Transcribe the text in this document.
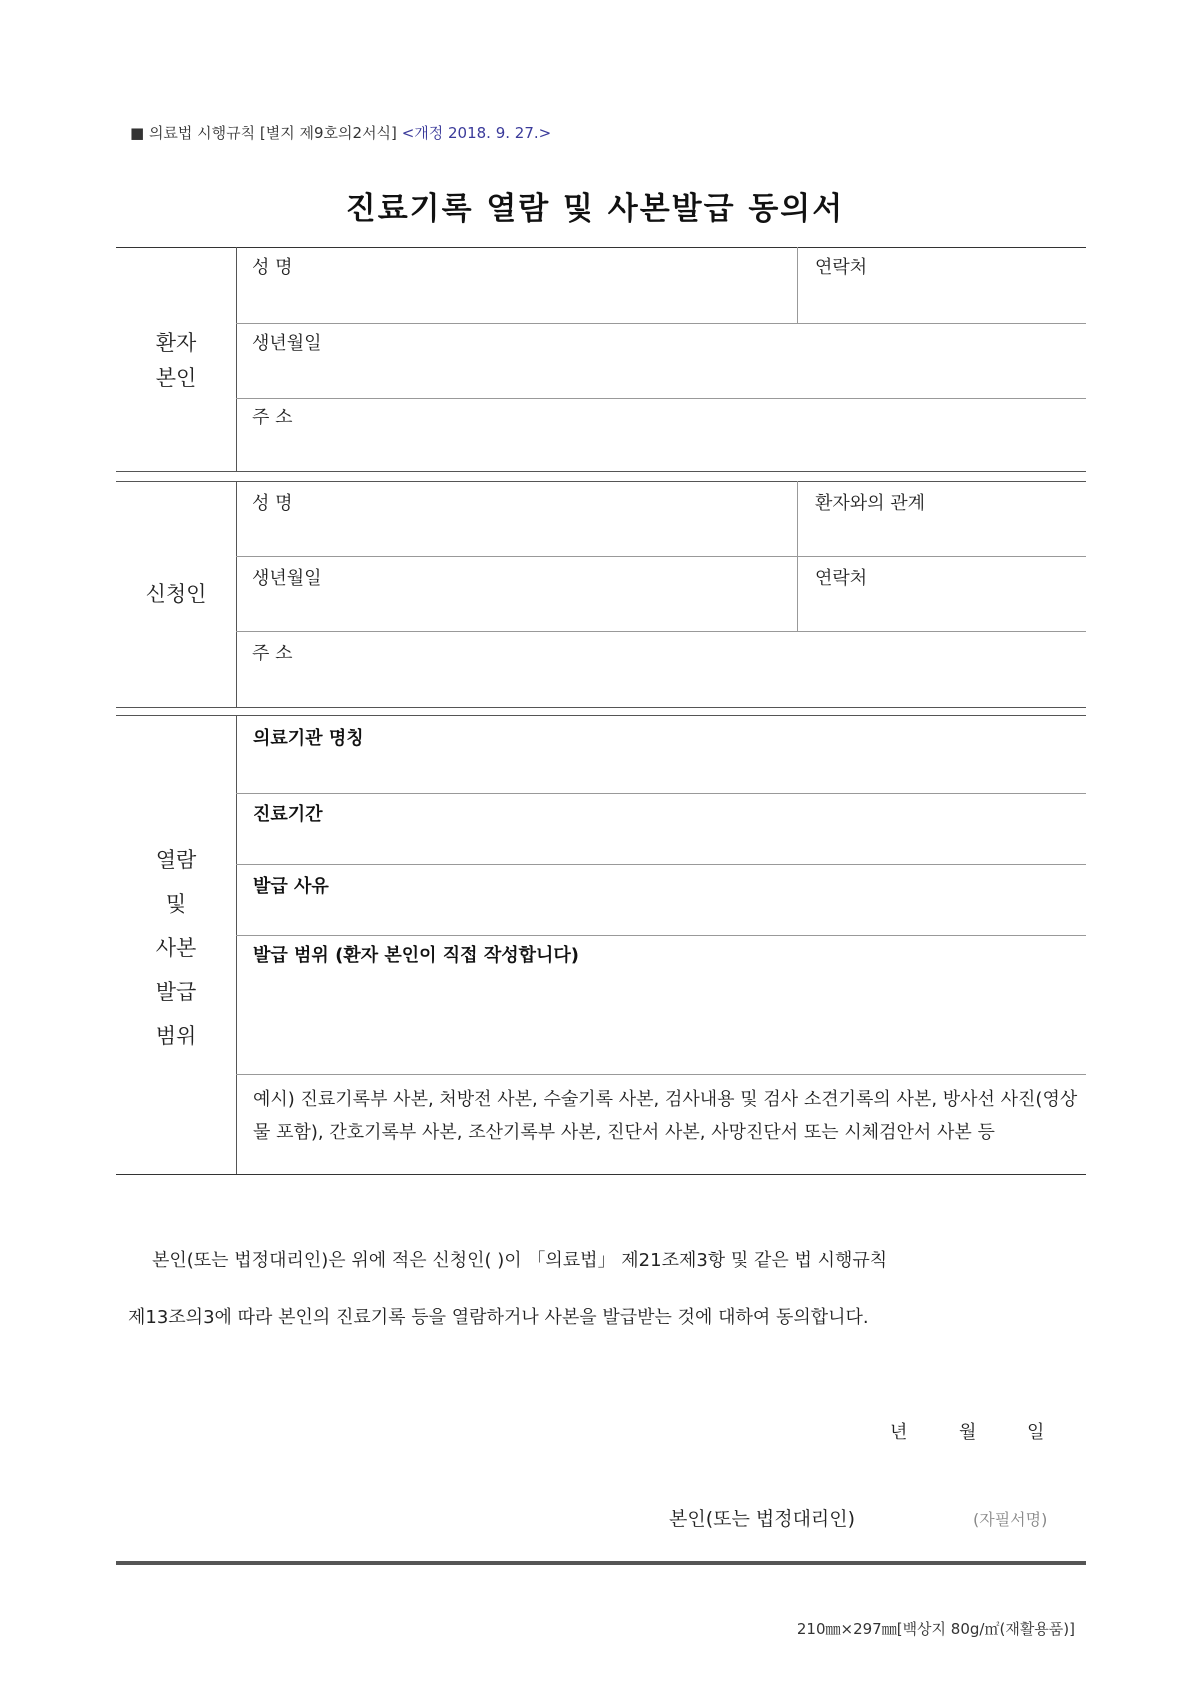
■ 의료법 시행규칙 [별지 제9호의2서식] <개정 2018. 9. 27.>
진료기록 열람 및 사본발급 동의서
환자
본인
성 명	연락처
생년월일
주 소
신청인
성 명	환자와의 관계
생년월일	연락처
주 소
열람
및
사본
발급
범위
의료기관 명칭
진료기간
발급 사유
발급 범위 (환자 본인이 직접 작성합니다)
예시) 진료기록부 사본, 처방전 사본, 수술기록 사본, 검사내용 및 검사 소견기록의 사본, 방사선 사진(영상물 포함), 간호기록부 사본, 조산기록부 사본, 진단서 사본, 사망진단서 또는 시체검안서 사본 등
본인(또는 법정대리인)은 위에 적은 신청인( )이 「의료법」 제21조제3항 및 같은 법 시행규칙
제13조의3에 따라 본인의 진료기록 등을 열람하거나 사본을 발급받는 것에 대하여 동의합니다.
년	월	일
본인(또는 법정대리인)	(자필서명)
210㎜×297㎜[백상지 80g/㎡(재활용품)]
